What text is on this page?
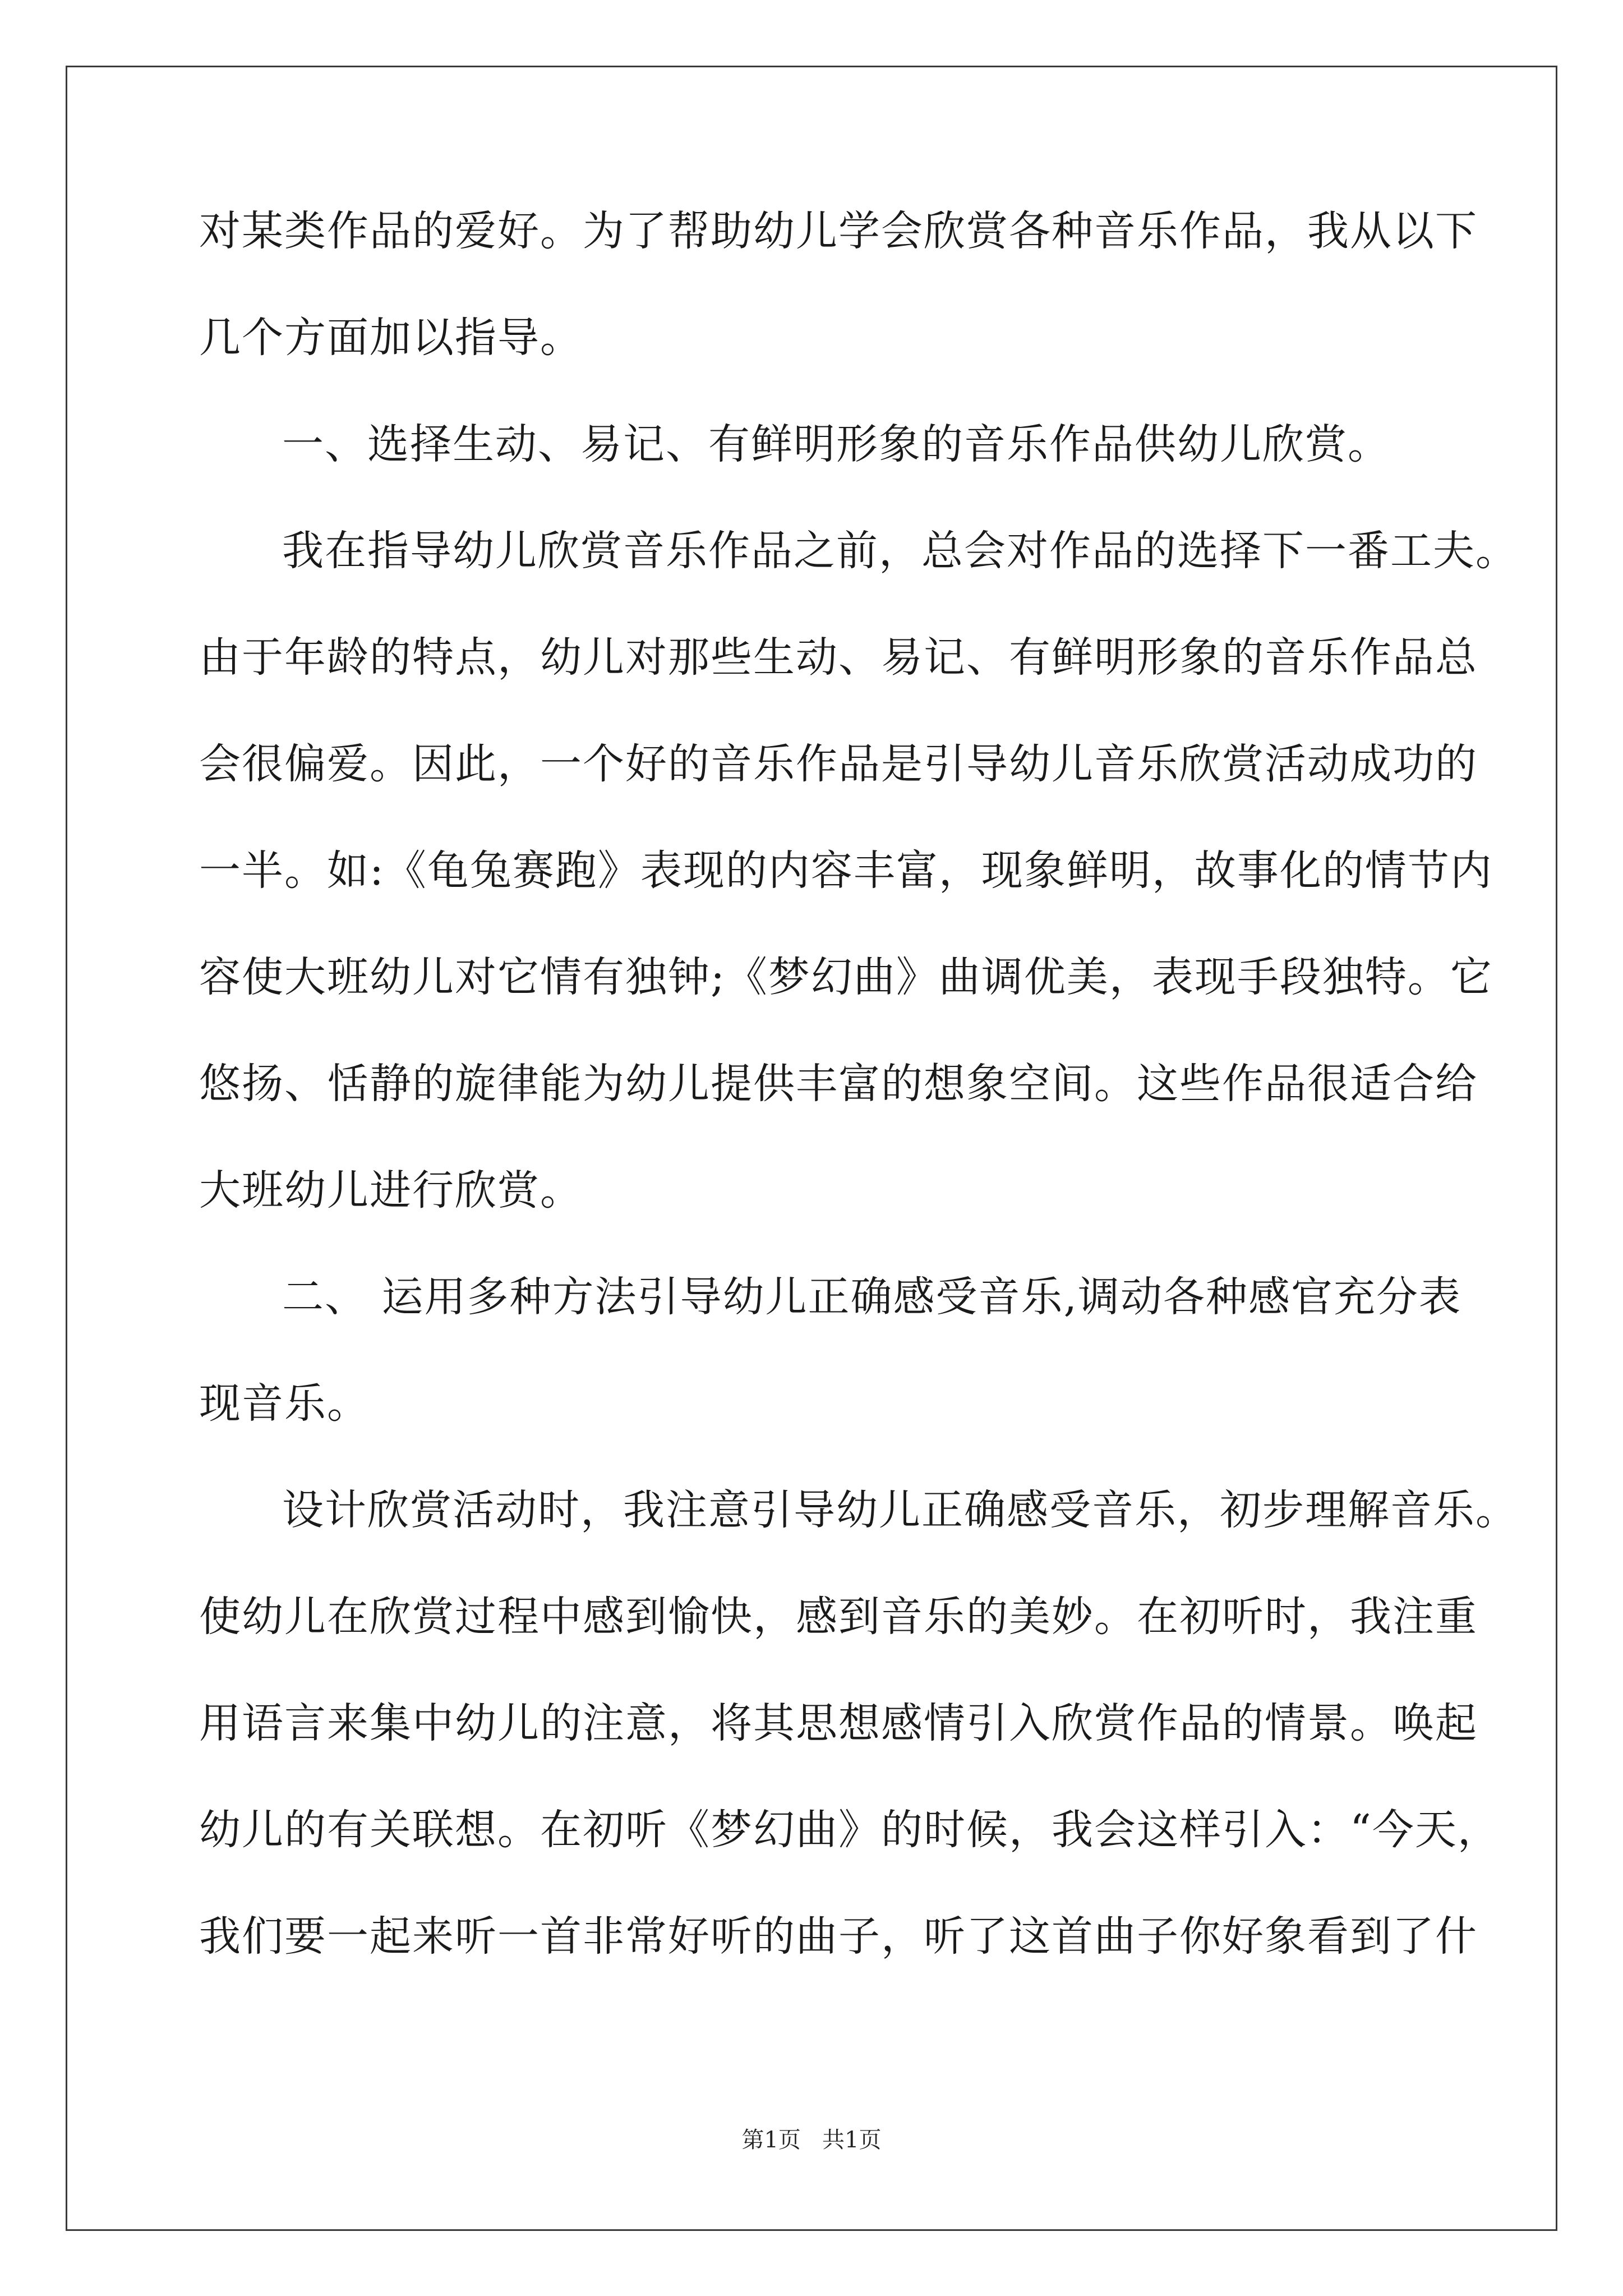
对某类作品的爱好。为了帮助幼儿学会欣赏各种音乐作品，我从以下
几个方面加以指导。
一、选择生动、易记、有鲜明形象的音乐作品供幼儿欣赏。
我在指导幼儿欣赏音乐作品之前，总会对作品的选择下一番工夫。
由于年龄的特点，幼儿对那些生动、易记、有鲜明形象的音乐作品总
会很偏爱。因此，一个好的音乐作品是引导幼儿音乐欣赏活动成功的
一半。如:《龟兔赛跑》表现的内容丰富，现象鲜明，故事化的情节内
容使大班幼儿对它情有独钟;《梦幻曲》曲调优美，表现手段独特。它
悠扬、恬静的旋律能为幼儿提供丰富的想象空间。这些作品很适合给
大班幼儿进行欣赏。
二、 运用多种方法引导幼儿正确感受音乐,调动各种感官充分表
现音乐。
设计欣赏活动时，我注意引导幼儿正确感受音乐，初步理解音乐。
使幼儿在欣赏过程中感到愉快，感到音乐的美妙。在初听时，我注重
用语言来集中幼儿的注意，将其思想感情引入欣赏作品的情景。唤起
幼儿的有关联想。在初听《梦幻曲》的时候，我会这样引入：“今天，
我们要一起来听一首非常好听的曲子，听了这首曲子你好象看到了什
第1页   共1页
